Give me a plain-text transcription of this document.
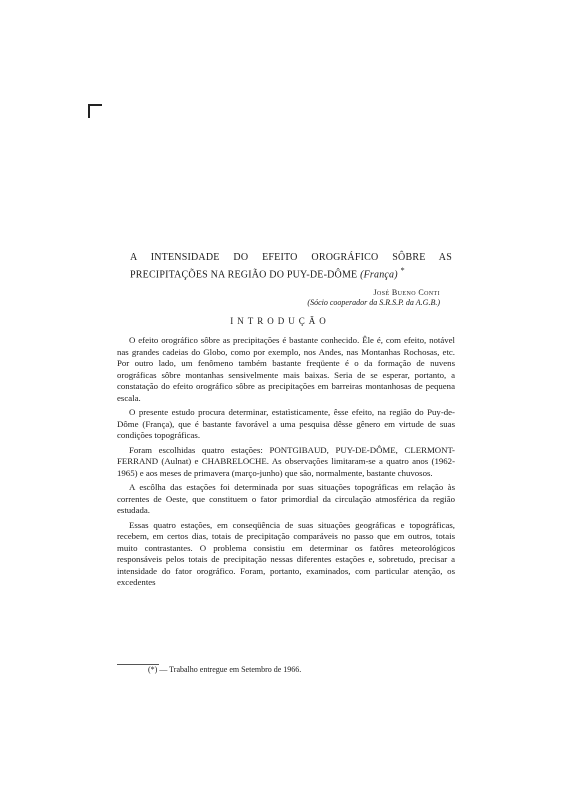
A INTENSIDADE DO EFEITO OROGRÁFICO SÔBRE AS PRECIPITAÇÕES NA REGIÃO DO PUY-DE-DÔME (França) *
José Bueno Conti
(Sócio cooperador da S.R.S.P. da A.G.B.)
INTRODUÇÃO

O efeito orográfico sôbre as precipitações é bastante conhecido. Êle é, com efeito, notável nas grandes cadeias do Globo, como por exemplo, nos Andes, nas Montanhas Rochosas, etc. Por outro lado, um fenômeno também bastante freqüente é o da formação de nuvens orográficas sôbre montanhas sensivelmente mais baixas. Seria de se esperar, portanto, a constatação do efeito orográfico sôbre as precipitações em barreiras montanhosas de pequena escala.

O presente estudo procura determinar, estatìsticamente, êsse efeito, na região do Puy-de-Dôme (França), que é bastante favorável a uma pesquisa dêsse gênero em virtude de suas condições topográficas.

Foram escolhidas quatro estações: PONTGIBAUD, PUY-DE-DÔME, CLERMONT-FERRAND (Aulnat) e CHABRELOCHE. As observações limitaram-se a quatro anos (1962-1965) e aos meses de primavera (março-junho) que são, normalmente, bastante chuvosos.

A escôlha das estações foi determinada por suas situações topográficas em relação às correntes de Oeste, que constituem o fator primordial da circulação atmosférica da região estudada.

Essas quatro estações, em conseqüência de suas situações geográficas e topográficas, recebem, em certos dias, totais de precipitação comparáveis no passo que em outros, totais muito contrastantes. O problema consistiu em determinar os fatôres meteorológicos responsáveis pelos totais de precipitação nessas diferentes estações e, sobretudo, precisar a intensidade do fator orográfico. Foram, portanto, examinados, com particular atenção, os excedentes

(*) — Trabalho entregue em Setembro de 1966.
